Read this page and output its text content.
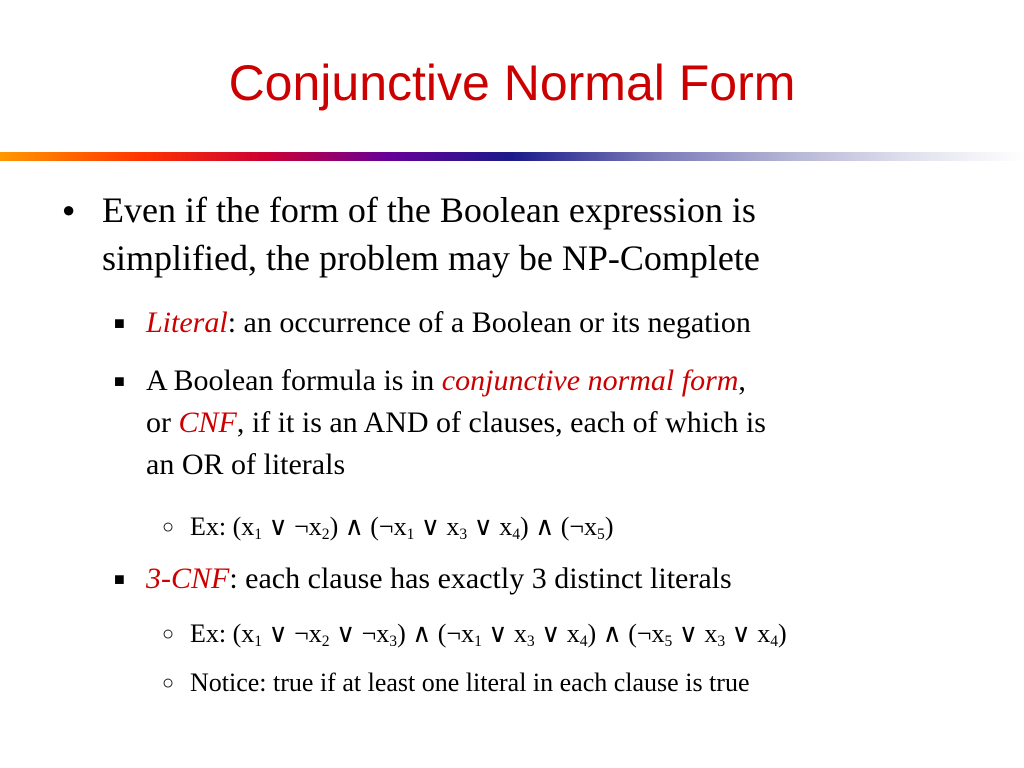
Conjunctive Normal Form
● Even if the form of the Boolean expression is
simplified, the problem may be NP-Complete
■ Literal: an occurrence of a Boolean or its negation
■ A Boolean formula is in conjunctive normal form,
or CNF, if it is an AND of clauses, each of which is
an OR of literals
○ Ex: ($x_1$ ∨ $\neg x_2$) ∧ ($\neg x_1$ ∨ $x_3$ ∨ $x_4$) ∧ $(\neg x_5)$
■ 3-CNF: each clause has exactly 3 distinct literals
○ Ex: ($x_1$ ∨ $\neg x_2$ ∨ $\neg x_3$) ∧ ($\neg x_1$ ∨ $x_3$ ∨ $x_4$) ∧ ($\neg x_5$ ∨ $x_3$ ∨ $x_4$)
○ Notice: true if at least one literal in each clause is true
